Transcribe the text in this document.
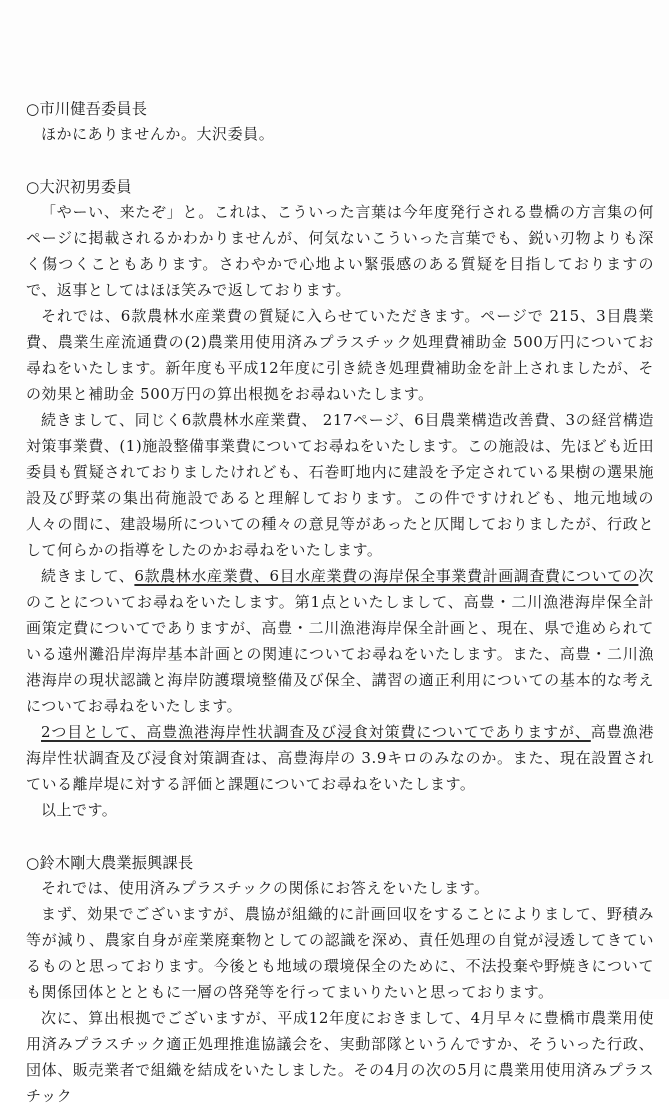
○市川健吾委員長

ほかにありませんか。大沢委員。

○大沢初男委員

「やーい、来たぞ」と。これは、こういった言葉は今年度発行される豊橋の方言集の何ページに掲載されるかわかりませんが、何気ないこういった言葉でも、鋭い刃物よりも深く傷つくこともあります。さわやかで心地よい緊張感のある質疑を目指しておりますので、返事としてはほほ笑みで返しております。

それでは、6款農林水産業費の質疑に入らせていただきます。ページで 215、3目農業費、農業生産流通費の(2)農業用使用済みプラスチック処理費補助金 500万円についてお尋ねをいたします。新年度も平成12年度に引き続き処理費補助金を計上されましたが、その効果と補助金 500万円の算出根拠をお尋ねいたします。

続きまして、同じく6款農林水産業費、 217ページ、6目農業構造改善費、3の経営構造対策事業費、(1)施設整備事業費についてお尋ねをいたします。この施設は、先ほども近田委員も質疑されておりましたけれども、石巻町地内に建設を予定されている果樹の選果施設及び野菜の集出荷施設であると理解しております。この件ですけれども、地元地域の人々の間に、建設場所についての種々の意見等があったと仄聞しておりましたが、行政として何らかの指導をしたのかお尋ねをいたします。

続きまして、6款農林水産業費、6目水産業費の海岸保全事業費計画調査費についての次のことについてお尋ねをいたします。第1点といたしまして、高豊・二川漁港海岸保全計画策定費についてでありますが、高豊・二川漁港海岸保全計画と、現在、県で進められている遠州灘沿岸海岸基本計画との関連についてお尋ねをいたします。また、高豊・二川漁港海岸の現状認識と海岸防護環境整備及び保全、講習の適正利用についての基本的な考えについてお尋ねをいたします。

2つ目として、高豊漁港海岸性状調査及び浸食対策費についてでありますが、高豊漁港海岸性状調査及び浸食対策調査は、高豊海岸の 3.9キロのみなのか。また、現在設置されている離岸堤に対する評価と課題についてお尋ねをいたします。

以上です。

○鈴木剛大農業振興課長

それでは、使用済みプラスチックの関係にお答えをいたします。

まず、効果でございますが、農協が組織的に計画回収をすることによりまして、野積み等が減り、農家自身が産業廃棄物としての認識を深め、責任処理の自覚が浸透してきているものと思っております。今後とも地域の環境保全のために、不法投棄や野焼きについても関係団体ととともに一層の啓発等を行ってまいりたいと思っております。

次に、算出根拠でございますが、平成12年度におきまして、4月早々に豊橋市農業用使用済みプラスチック適正処理推進協議会を、実動部隊というんですか、そういった行政、団体、販売業者で組織を結成をいたしました。その4月の次の5月に農業用使用済みプラスチック
